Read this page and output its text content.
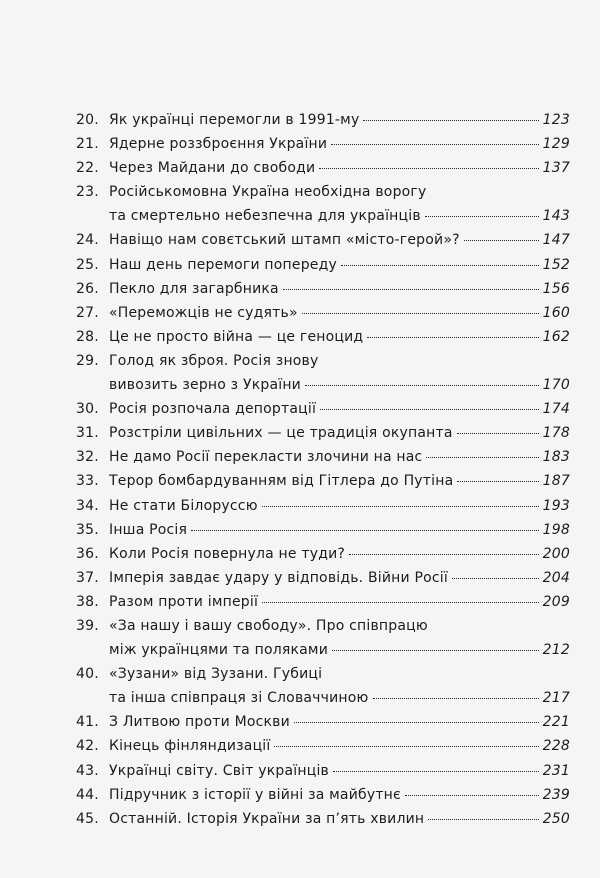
20. Як українці перемогли в 1991-му	123
21. Ядерне роззброєння України	129
22. Через Майдани до свободи	137
23. Російськомовна Україна необхідна ворогу
та смертельно небезпечна для українців	143
24. Навіщо нам совєтський штамп «місто-герой»?	147
25. Наш день перемоги попереду	152
26. Пекло для загарбника	156
27. «Переможців не судять»	160
28. Це не просто війна — це геноцид	162
29. Голод як зброя. Росія знову
вивозить зерно з України	170
30. Росія розпочала депортації	174
31. Розстріли цивільних — це традиція окупанта	178
32. Не дамо Росії перекласти злочини на нас	183
33. Терор бомбардуванням від Гітлера до Путіна	187
34. Не стати Білоруссю	193
35. Інша Росія	198
36. Коли Росія повернула не туди?	200
37. Імперія завдає удару у відповідь. Війни Росії	204
38. Разом проти імперії	209
39. «За нашу і вашу свободу». Про співпрацю
між українцями та поляками	212
40. «Зузани» від Зузани. Губиці
та інша співпраця зі Словаччиною	217
41. З Литвою проти Москви	221
42. Кінець фінляндизації	228
43. Українці світу. Світ українців	231
44. Підручник з історії у війні за майбутнє	239
45. Останній. Історія України за п’ять хвилин	250
